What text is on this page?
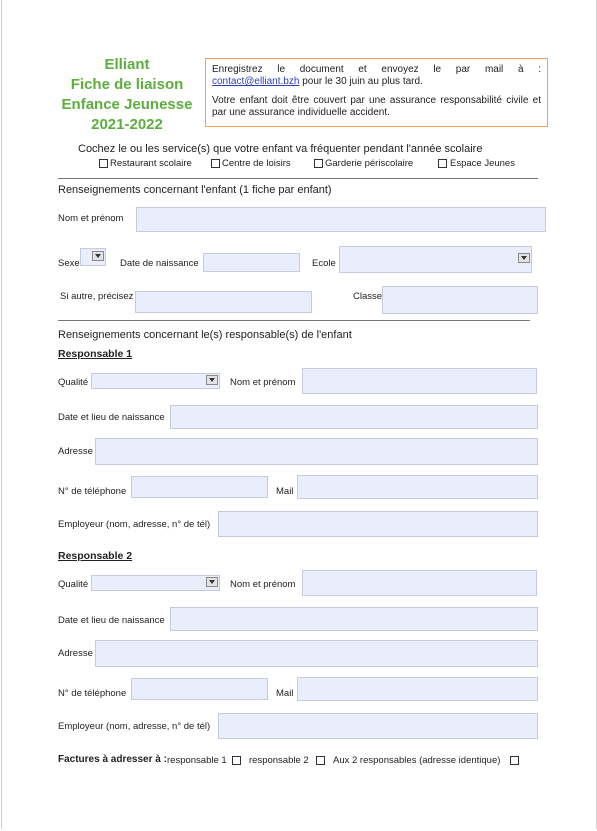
Elliant
Fiche de liaison
Enfance Jeunesse
2021-2022

Enregistrez le document et envoyez le par mail à :

contact@elliant.bzh pour le 30 juin au plus tard.

Votre enfant doit être couvert par une assurance responsabilité civile et par une assurance individuelle accident.

Cochez le ou les service(s) que votre enfant va fréquenter pendant l'année scolaire
Restaurant scolaire	Centre de loisirs	Garderie périscolaire	Espace Jeunes
Renseignements concernant l'enfant (1 fiche par enfant)
Nom et prénom
Sexe	Date de naissance	Ecole
Si autre, précisez	Classe
Renseignements concernant le(s) responsable(s) de l'enfant
Responsable 1
Qualité	Nom et prénom
Date et lieu de naissance
Adresse
N° de téléphone	Mail
Employeur (nom, adresse, n° de tél)
Responsable 2
Qualité	Nom et prénom
Date et lieu de naissance
Adresse
N° de téléphone	Mail
Employeur (nom, adresse, n° de tél)
Factures à adresser à : responsable 1 responsable 2	Aux 2 responsables (adresse identique)
